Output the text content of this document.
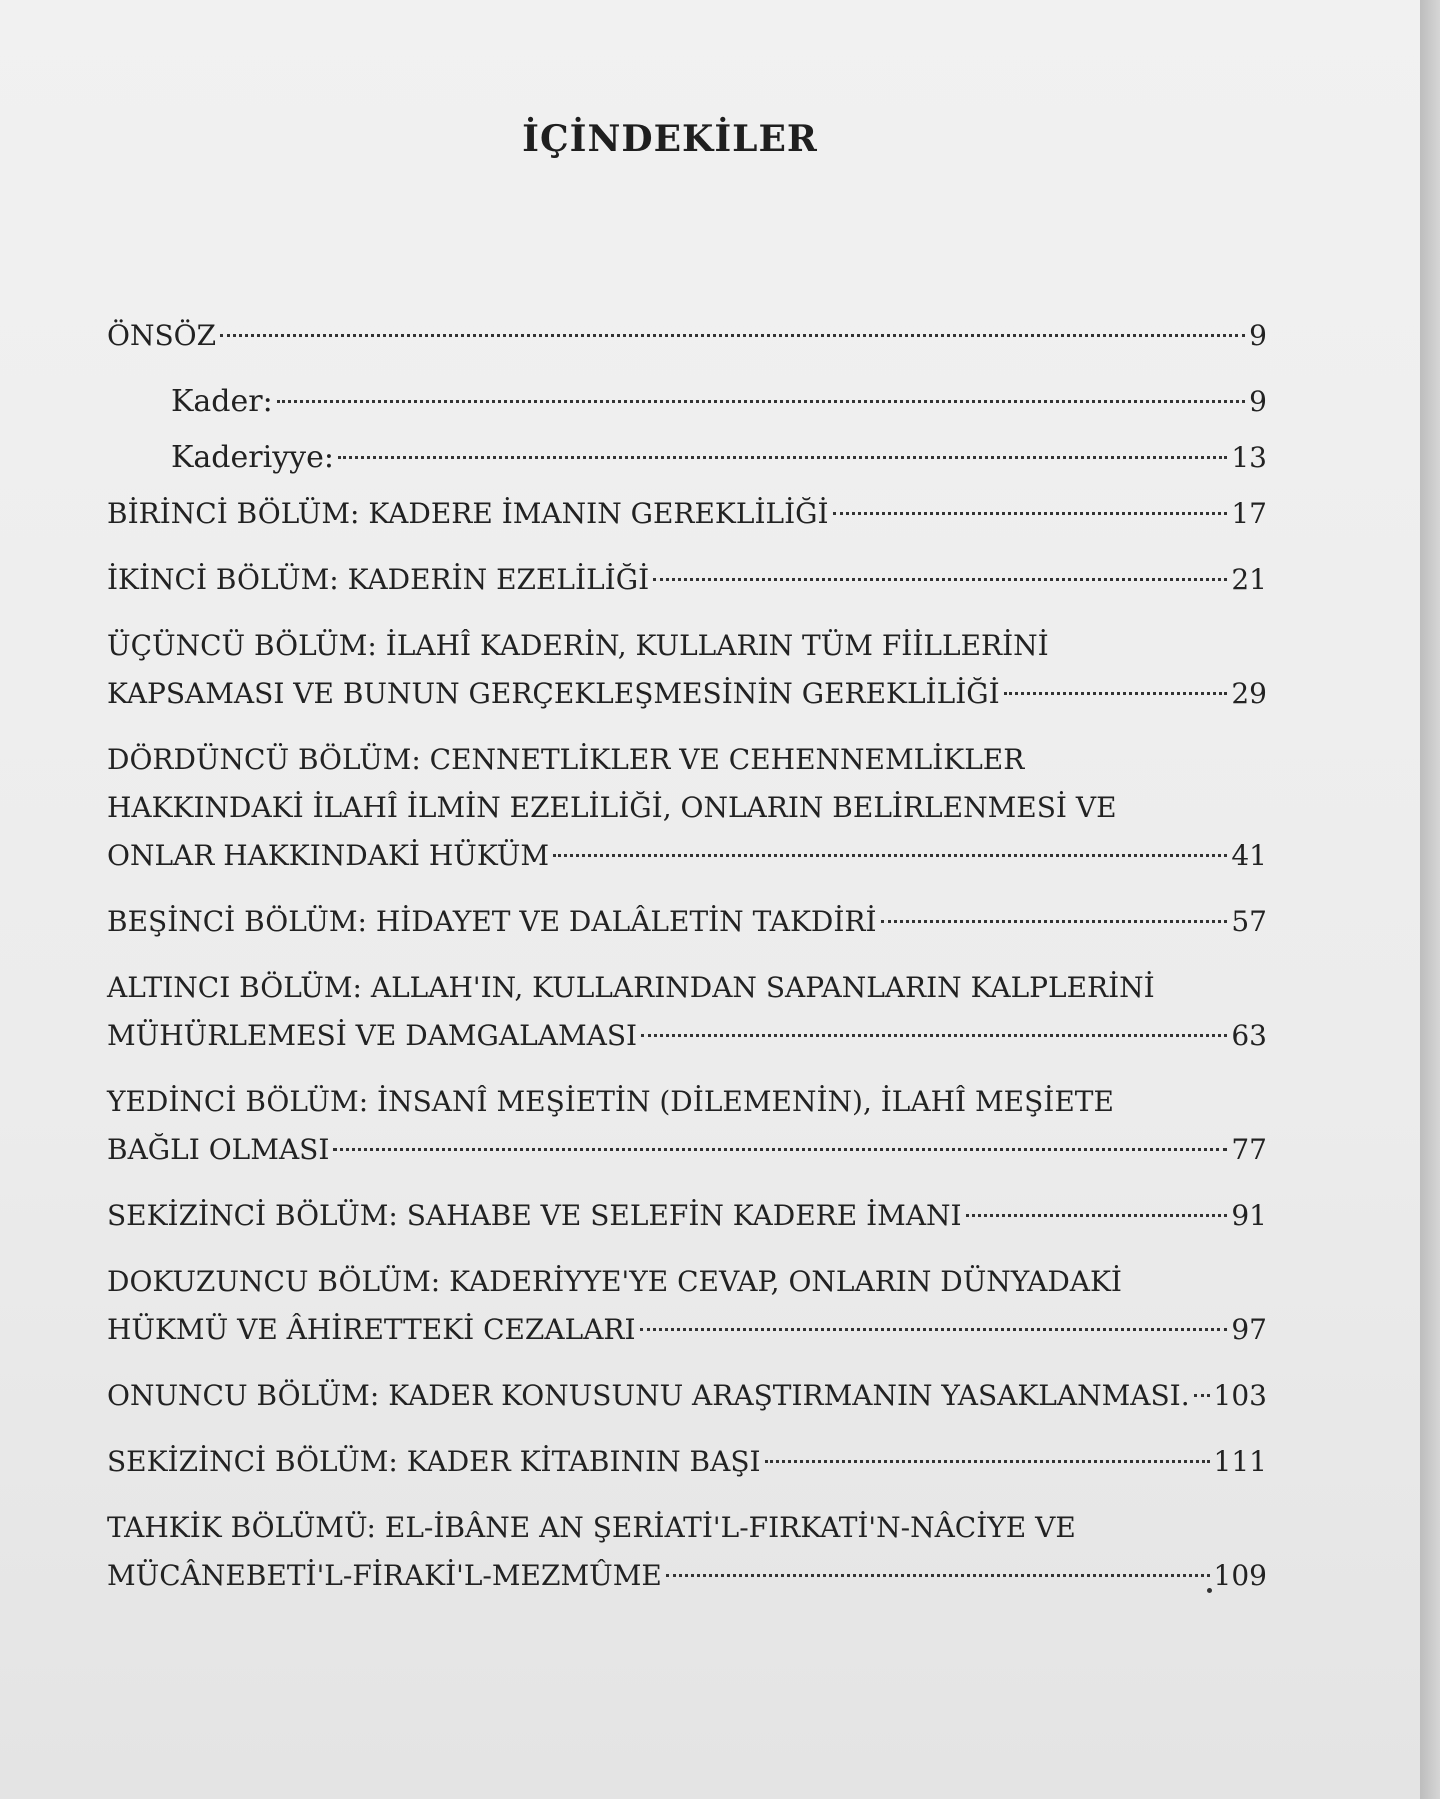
İÇİNDEKİLER
ÖNSÖZ	9
Kader:	9
Kaderiyye:	13
BİRİNCİ BÖLÜM: KADERE İMANIN GEREKLİLİĞİ	17
İKİNCİ BÖLÜM: KADERİN EZELİLİĞİ	21
ÜÇÜNCÜ BÖLÜM: İLAHÎ KADERİN, KULLARIN TÜM FİİLLERİNİ
KAPSAMASI VE BUNUN GERÇEKLEŞMESİNİN GEREKLİLİĞİ	29
DÖRDÜNCÜ BÖLÜM: CENNETLİKLER VE CEHENNEMLİKLER
HAKKINDAKİ İLAHÎ İLMİN EZELİLİĞİ, ONLARIN BELİRLENMESİ VE
ONLAR HAKKINDAKİ HÜKÜM	41
BEŞİNCİ BÖLÜM: HİDAYET VE DALÂLETİN TAKDİRİ	57
ALTINCI BÖLÜM: ALLAH'IN, KULLARINDAN SAPANLARIN KALPLERİNİ
MÜHÜRLEMESİ VE DAMGALAMASI	63
YEDİNCİ BÖLÜM: İNSANÎ MEŞİETİN (DİLEMENİN), İLAHÎ MEŞİETE
BAĞLI OLMASI	77
SEKİZİNCİ BÖLÜM: SAHABE VE SELEFİN KADERE İMANI	91
DOKUZUNCU BÖLÜM: KADERİYYE'YE CEVAP, ONLARIN DÜNYADAKİ
HÜKMÜ VE ÂHİRETTEKİ CEZALARI	97
ONUNCU BÖLÜM: KADER KONUSUNU ARAŞTIRMANIN YASAKLANMASI. 103
SEKİZİNCİ BÖLÜM: KADER KİTABININ BAŞI	111
TAHKİK BÖLÜMÜ: EL-İBÂNE AN ŞERİATİ'L-FIRKATİ'N-NÂCİYE VE
MÜCÂNEBETİ'L-FİRAKİ'L-MEZMÛME	109
